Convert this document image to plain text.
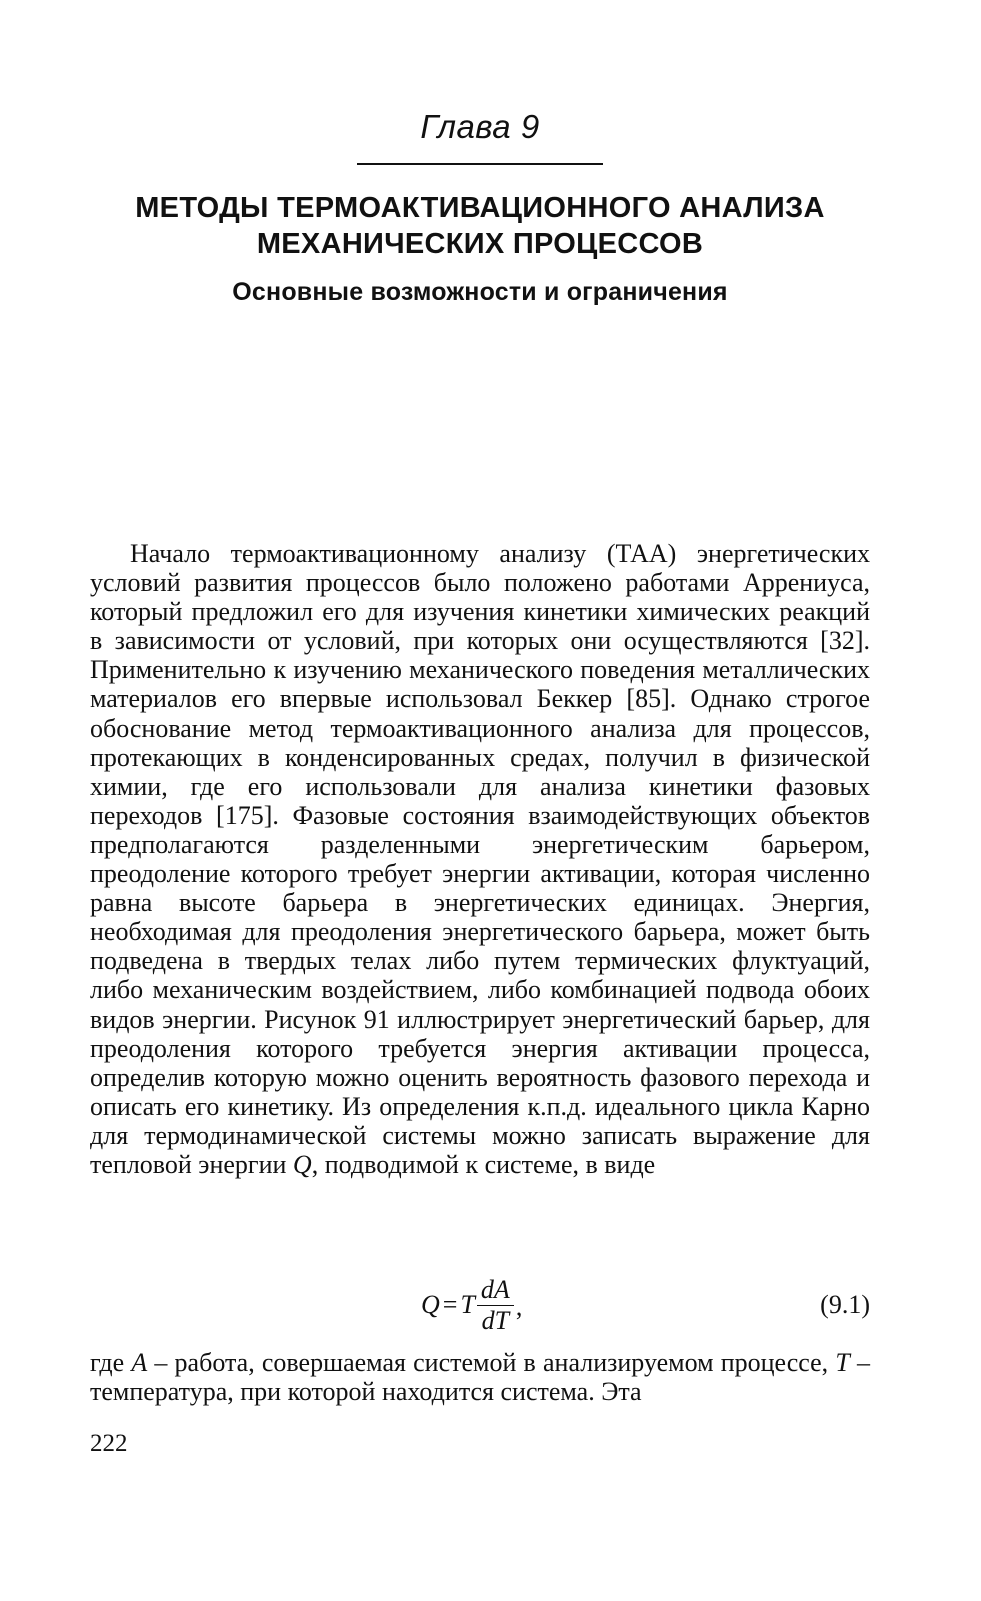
Глава 9
МЕТОДЫ ТЕРМОАКТИВАЦИОННОГО АНАЛИЗА
МЕХАНИЧЕСКИХ ПРОЦЕССОВ
Основные возможности и ограничения

Начало термоактивационному анализу (ТАА) энергетических условий развития процессов было положено работами Аррениуса, который предложил его для изучения кинетики химических реакций в зависимости от условий, при которых они осуществляются [32]. Применительно к изучению механического поведения металлических материалов его впервые использовал Беккер [85]. Однако строгое обоснование метод термоактивационного анализа для процессов, протекающих в конденсированных средах, получил в физической химии, где его использовали для анализа кинетики фазовых переходов [175]. Фазовые состояния взаимодействующих объектов предполагаются разделенными энергетическим барьером, преодоление которого требует энергии активации, которая численно равна высоте барьера в энергетических единицах. Энергия, необходимая для преодоления энергетического барьера, может быть подведена в твердых телах либо путем термических флуктуаций, либо механическим воздействием, либо комбинацией подвода обоих видов энергии. Рисунок 91 иллюстрирует энергетический барьер, для преодоления которого требуется энергия активации процесса, определив которую можно оценить вероятность фазового перехода и описать его кинетику. Из определения к.п.д. идеального цикла Карно для термодинамической системы можно записать выражение для тепловой энергии Q, подводимой к системе, в виде

Q = T $\frac{dA}{dT}$ ,	(9.1)

где A – работа, совершаемая системой в анализируемом процессе, T – температура, при которой находится система. Эта

222
